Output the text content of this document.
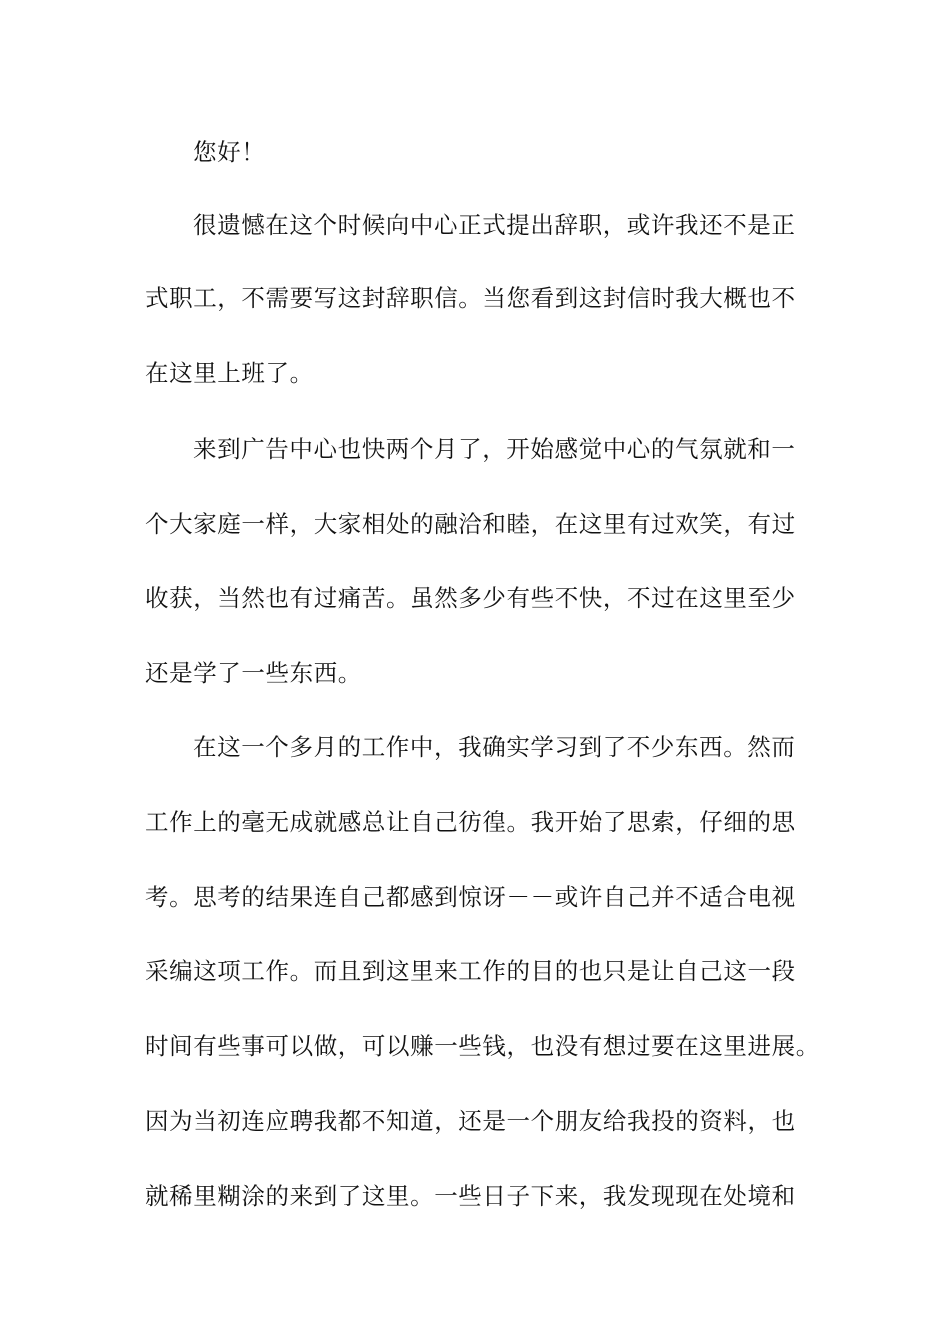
您好！
很遗憾在这个时候向中心正式提出辞职，或许我还不是正
式职工，不需要写这封辞职信。当您看到这封信时我大概也不
在这里上班了。
来到广告中心也快两个月了，开始感觉中心的气氛就和一
个大家庭一样，大家相处的融洽和睦，在这里有过欢笑，有过
收获，当然也有过痛苦。虽然多少有些不快，不过在这里至少
还是学了一些东西。
在这一个多月的工作中，我确实学习到了不少东西。然而
工作上的毫无成就感总让自己彷徨。我开始了思索，仔细的思
考。思考的结果连自己都感到惊讶－－或许自己并不适合电视
采编这项工作。而且到这里来工作的目的也只是让自己这一段
时间有些事可以做，可以赚一些钱，也没有想过要在这里进展。
因为当初连应聘我都不知道，还是一个朋友给我投的资料，也
就稀里糊涂的来到了这里。一些日子下来，我发现现在处境和
